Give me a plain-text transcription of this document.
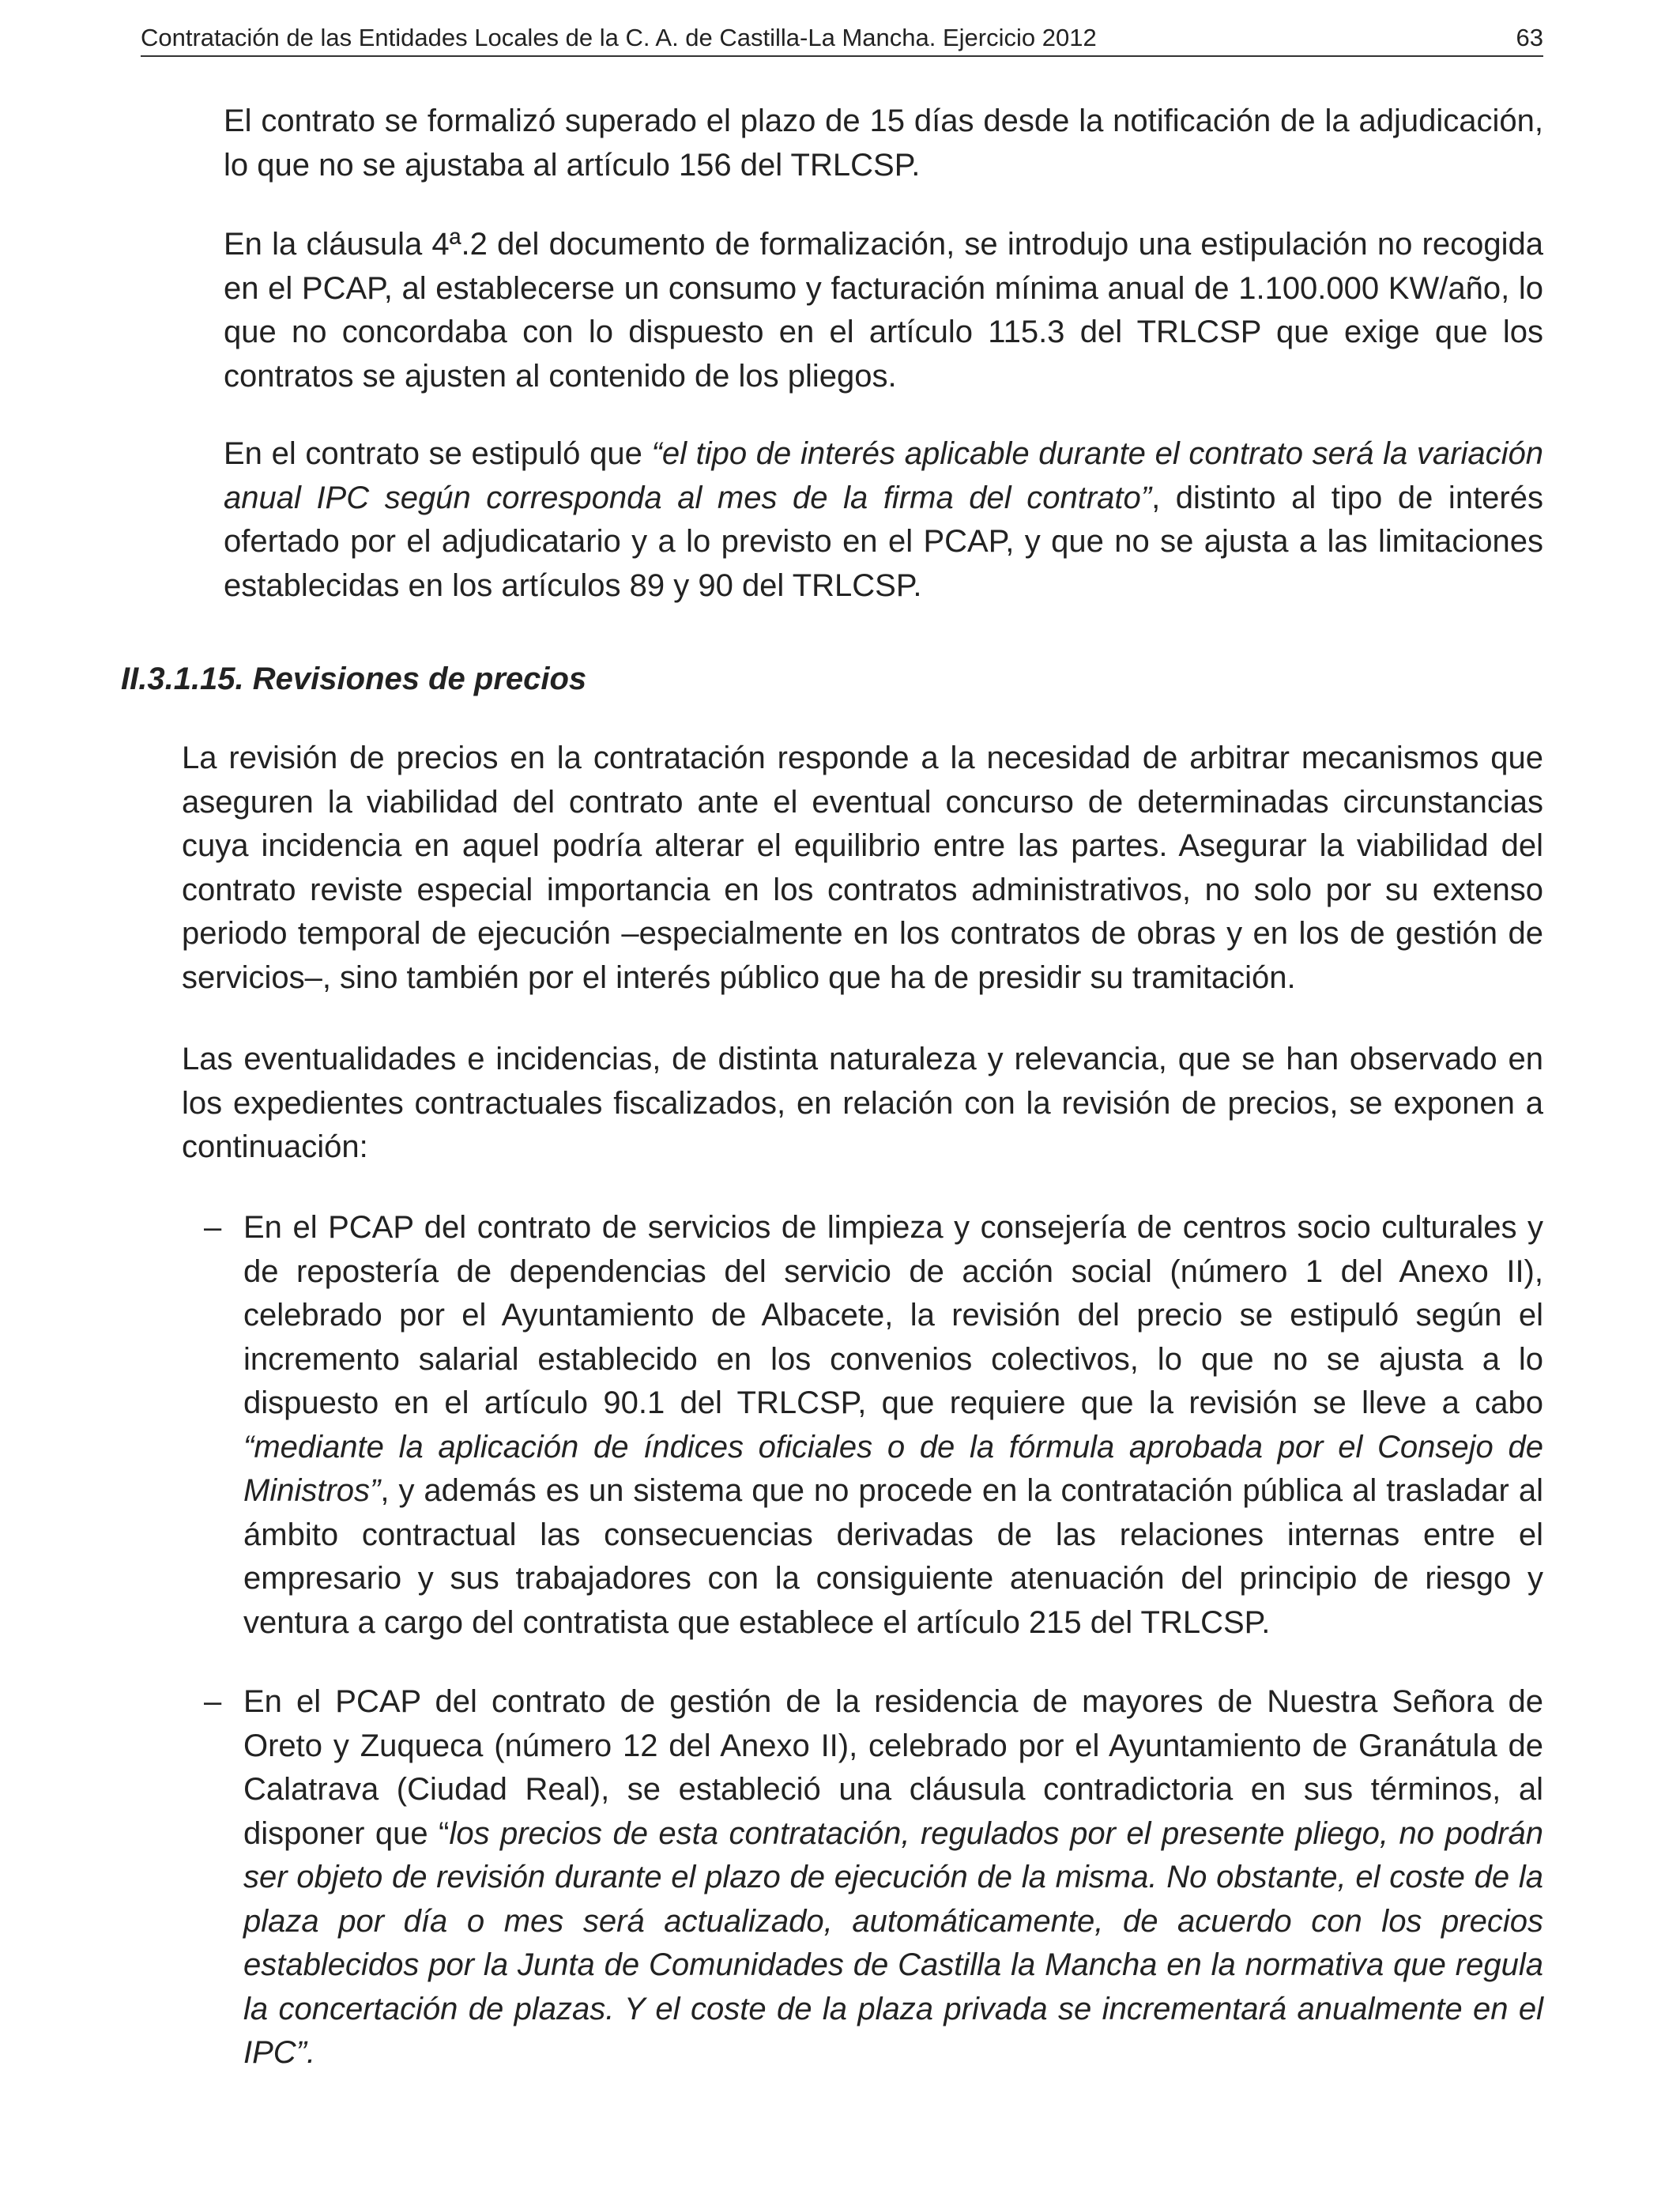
Contratación de las Entidades Locales de la C. A. de Castilla-La Mancha. Ejercicio 2012	63

El contrato se formalizó superado el plazo de 15 días desde la notificación de la adjudicación, lo que no se ajustaba al artículo 156 del TRLCSP.

En la cláusula 4ª.2 del documento de formalización, se introdujo una estipulación no recogida en el PCAP, al establecerse un consumo y facturación mínima anual de 1.100.000 KW/año, lo que no concordaba con lo dispuesto en el artículo 115.3 del TRLCSP que exige que los contratos se ajusten al contenido de los pliegos.

En el contrato se estipuló que “el tipo de interés aplicable durante el contrato será la variación anual IPC según corresponda al mes de la firma del contrato”, distinto al tipo de interés ofertado por el adjudicatario y a lo previsto en el PCAP, y que no se ajusta a las limitaciones establecidas en los artículos 89 y 90 del TRLCSP.

II.3.1.15. Revisiones de precios

La revisión de precios en la contratación responde a la necesidad de arbitrar mecanismos que aseguren la viabilidad del contrato ante el eventual concurso de determinadas circunstancias cuya incidencia en aquel podría alterar el equilibrio entre las partes. Asegurar la viabilidad del contrato reviste especial importancia en los contratos administrativos, no solo por su extenso periodo temporal de ejecución –especialmente en los contratos de obras y en los de gestión de servicios–, sino también por el interés público que ha de presidir su tramitación.

Las eventualidades e incidencias, de distinta naturaleza y relevancia, que se han observado en los expedientes contractuales fiscalizados, en relación con la revisión de precios, se exponen a continuación:

– En el PCAP del contrato de servicios de limpieza y consejería de centros socio culturales y de repostería de dependencias del servicio de acción social (número 1 del Anexo II), celebrado por el Ayuntamiento de Albacete, la revisión del precio se estipuló según el incremento salarial establecido en los convenios colectivos, lo que no se ajusta a lo dispuesto en el artículo 90.1 del TRLCSP, que requiere que la revisión se lleve a cabo “mediante la aplicación de índices oficiales o de la fórmula aprobada por el Consejo de Ministros”, y además es un sistema que no procede en la contratación pública al trasladar al ámbito contractual las consecuencias derivadas de las relaciones internas entre el empresario y sus trabajadores con la consiguiente atenuación del principio de riesgo y ventura a cargo del contratista que establece el artículo 215 del TRLCSP.

– En el PCAP del contrato de gestión de la residencia de mayores de Nuestra Señora de Oreto y Zuqueca (número 12 del Anexo II), celebrado por el Ayuntamiento de Granátula de Calatrava (Ciudad Real), se estableció una cláusula contradictoria en sus términos, al disponer que “los precios de esta contratación, regulados por el presente pliego, no podrán ser objeto de revisión durante el plazo de ejecución de la misma. No obstante, el coste de la plaza por día o mes será actualizado, automáticamente, de acuerdo con los precios establecidos por la Junta de Comunidades de Castilla la Mancha en la normativa que regula la concertación de plazas. Y el coste de la plaza privada se incrementará anualmente en el IPC”.
